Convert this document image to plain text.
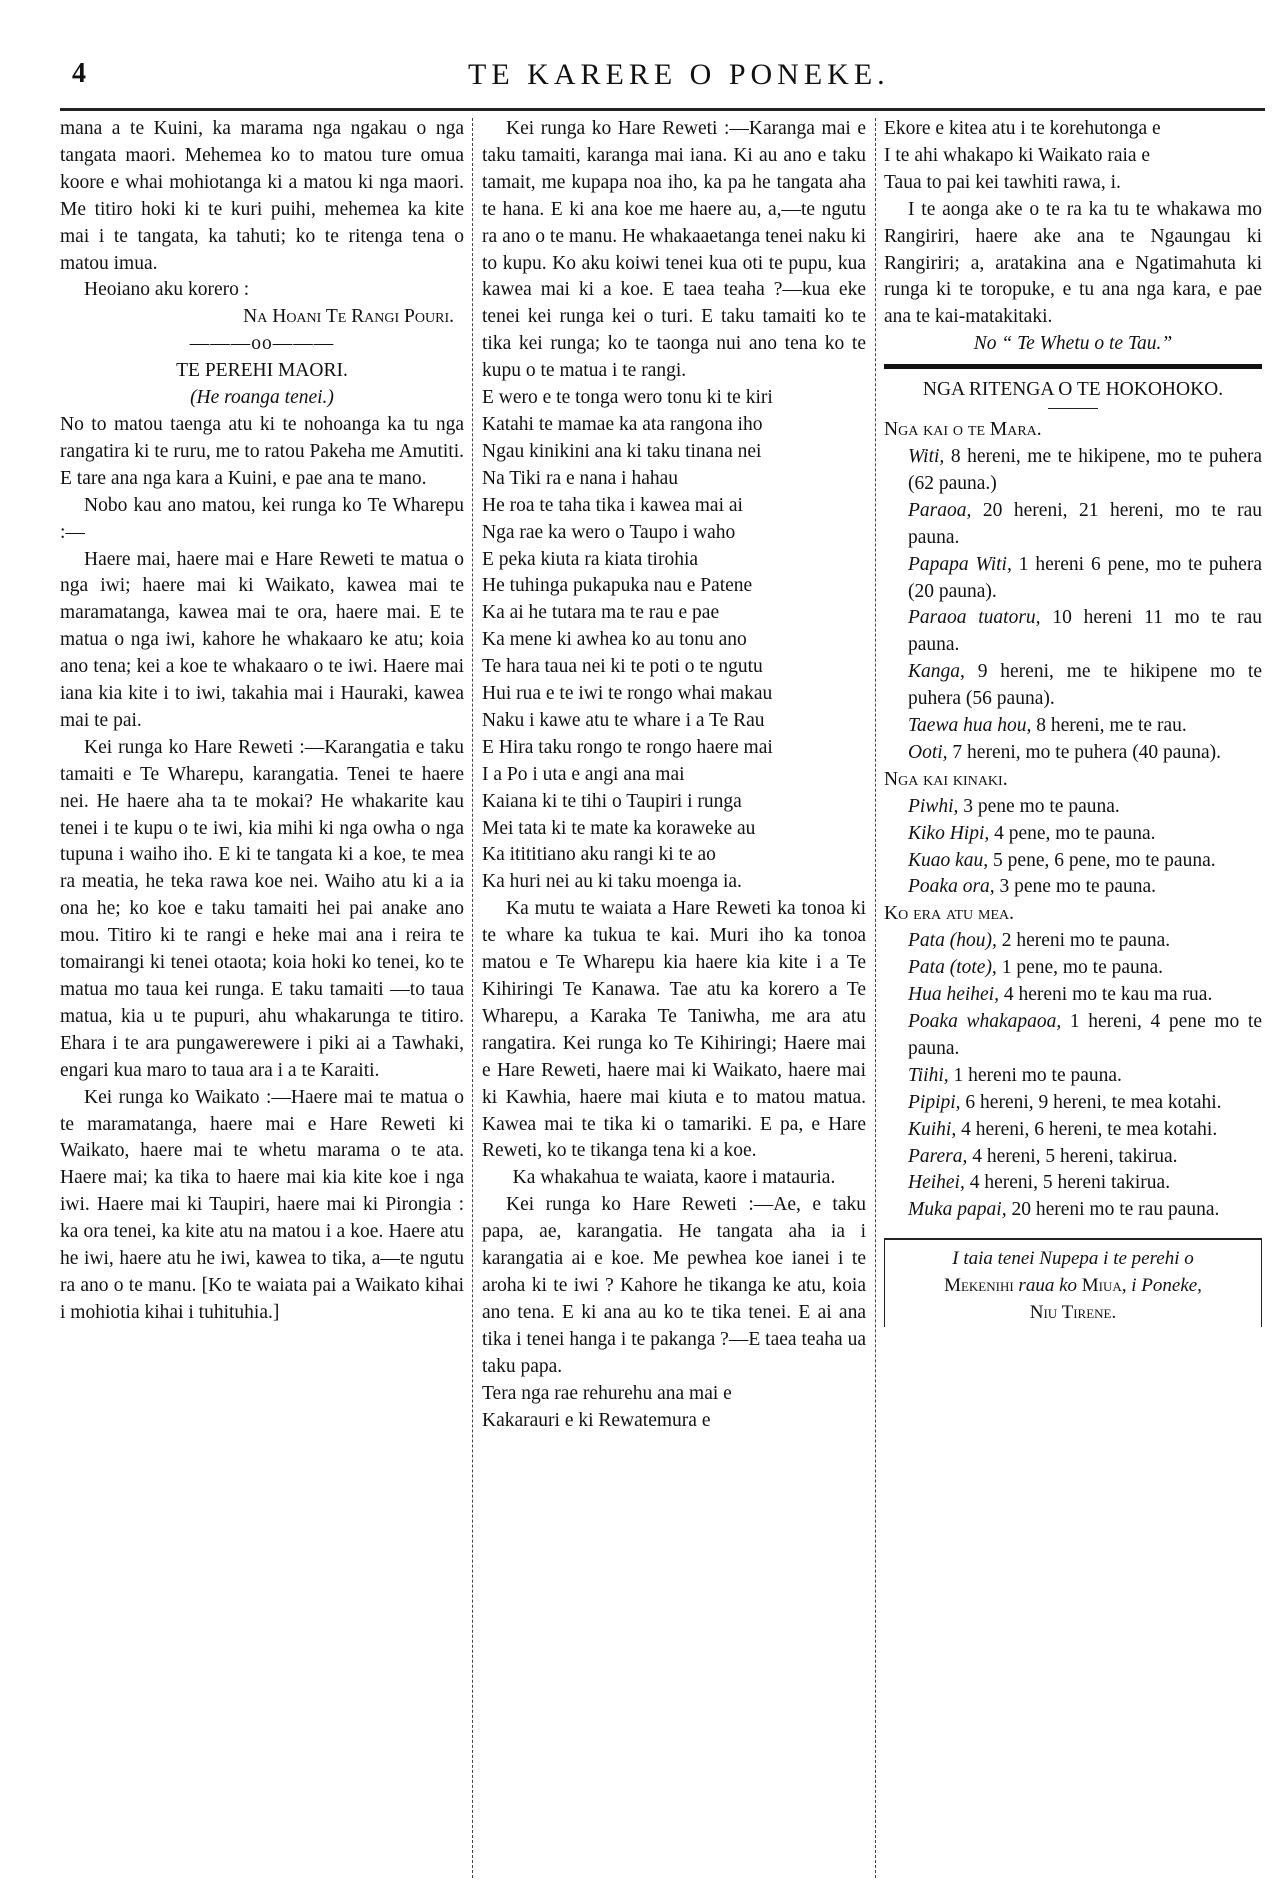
4	TE KARERE O PONEKE.

mana a te Kuini, ka marama nga ngakau o nga tangata maori. Mehemea ko to matou ture omua koore e whai mohiotanga ki a matou ki nga maori. Me titiro hoki ki te kuri puihi, mehemea ka kite mai i te tangata, ka tahuti; ko te ritenga tena o matou imua.

Heoiano aku korero :

Na Hoani Te Rangi Pouri.

———oo———

TE PEREHI MAORI.

(He roanga tenei.)

No to matou taenga atu ki te nohoanga ka tu nga rangatira ki te ruru, me to ratou Pakeha me Amutiti. E tare ana nga kara a Kuini, e pae ana te mano.

Nobo kau ano matou, kei runga ko Te Wharepu :—

Haere mai, haere mai e Hare Reweti te matua o nga iwi; haere mai ki Waikato, kawea mai te maramatanga, kawea mai te ora, haere mai. E te matua o nga iwi, kahore he whakaaro ke atu; koia ano tena; kei a koe te whakaaro o te iwi. Haere mai iana kia kite i to iwi, takahia mai i Hauraki, kawea mai te pai.

Kei runga ko Hare Reweti :—Karangatia e taku tamaiti e Te Wharepu, karangatia. Tenei te haere nei. He haere aha ta te mokai? He whakarite kau tenei i te kupu o te iwi, kia mihi ki nga owha o nga tupuna i waiho iho. E ki te tangata ki a koe, te mea ra meatia, he teka rawa koe nei. Waiho atu ki a ia ona he; ko koe e taku tamaiti hei pai anake ano mou. Titiro ki te rangi e heke mai ana i reira te tomairangi ki tenei otaota; koia hoki ko tenei, ko te matua mo taua kei runga. E taku tamaiti —to taua matua, kia u te pupuri, ahu whakarunga te titiro. Ehara i te ara pungawerewere i piki ai a Tawhaki, engari kua maro to taua ara i a te Karaiti.

Kei runga ko Waikato :—Haere mai te matua o te maramatanga, haere mai e Hare Reweti ki Waikato, haere mai te whetu marama o te ata. Haere mai; ka tika to haere mai kia kite koe i nga iwi. Haere mai ki Taupiri, haere mai ki Pirongia : ka ora tenei, ka kite atu na matou i a koe. Haere atu he iwi, haere atu he iwi, kawea to tika, a—te ngutu ra ano o te manu. [Ko te waiata pai a Waikato kihai i mohiotia kihai i tuhituhia.]

Kei runga ko Hare Reweti :—Karanga mai e taku tamaiti, karanga mai iana. Ki au ano e taku tamait, me kupapa noa iho, ka pa he tangata aha te hana. E ki ana koe me haere au, a,—te ngutu ra ano o te manu. He whakaaetanga tenei naku ki to kupu. Ko aku koiwi tenei kua oti te pupu, kua kawea mai ki a koe. E taea teaha ?—kua eke tenei kei runga kei o turi. E taku tamaiti ko te tika kei runga; ko te taonga nui ano tena ko te kupu o te matua i te rangi.

E wero e te tonga wero tonu ki te kiri

Katahi te mamae ka ata rangona iho

Ngau kinikini ana ki taku tinana nei

Na Tiki ra e nana i hahau

He roa te taha tika i kawea mai ai

Nga rae ka wero o Taupo i waho

E peka kiuta ra kiata tirohia

He tuhinga pukapuka nau e Patene

Ka ai he tutara ma te rau e pae

Ka mene ki awhea ko au tonu ano

Te hara taua nei ki te poti o te ngutu

Hui rua e te iwi te rongo whai makau

Naku i kawe atu te whare i a Te Rau

E Hira taku rongo te rongo haere mai

I a Po i uta e angi ana mai

Kaiana ki te tihi o Taupiri i runga

Mei tata ki te mate ka koraweke au

Ka itititiano aku rangi ki te ao

Ka huri nei au ki taku moenga ia.

Ka mutu te waiata a Hare Reweti ka tonoa ki te whare ka tukua te kai. Muri iho ka tonoa matou e Te Wharepu kia haere kia kite i a Te Kihiringi Te Kanawa. Tae atu ka korero a Te Wharepu, a Karaka Te Taniwha, me ara atu rangatira. Kei runga ko Te Kihiringi; Haere mai e Hare Reweti, haere mai ki Waikato, haere mai ki Kawhia, haere mai kiuta e to matou matua. Kawea mai te tika ki o tamariki. E pa, e Hare Reweti, ko te tikanga tena ki a koe.

Ka whakahua te waiata, kaore i matauria.

Kei runga ko Hare Reweti :—Ae, e taku papa, ae, karangatia. He tangata aha ia i karangatia ai e koe. Me pewhea koe ianei i te aroha ki te iwi ? Kahore he tikanga ke atu, koia ano tena. E ki ana au ko te tika tenei. E ai ana tika i tenei hanga i te pakanga ?—E taea teaha ua taku papa.

Tera nga rae rehurehu ana mai e

Kakarauri e ki Rewatemura e

Ekore e kitea atu i te korehutonga e

I te ahi whakapo ki Waikato raia e

Taua to pai kei tawhiti rawa, i.

I te aonga ake o te ra ka tu te whakawa mo Rangiriri, haere ake ana te Ngaungau ki Rangiriri; a, aratakina ana e Ngatimahuta ki runga ki te toropuke, e tu ana nga kara, e pae ana te kai-matakitaki.

No “ Te Whetu o te Tau.”

NGA RITENGA O TE HOKOHOKO.

Nga kai o te Mara.

Witi, 8 hereni, me te hikipene, mo te puhera (62 pauna.)

Paraoa, 20 hereni, 21 hereni, mo te rau pauna.

Papapa Witi, 1 hereni 6 pene, mo te puhera (20 pauna).

Paraoa tuatoru, 10 hereni 11 mo te rau pauna.

Kanga, 9 hereni, me te hikipene mo te puhera (56 pauna).

Taewa hua hou, 8 hereni, me te rau.

Ooti, 7 hereni, mo te puhera (40 pauna).

Nga kai kinaki.

Piwhi, 3 pene mo te pauna.

Kiko Hipi, 4 pene, mo te pauna.

Kuao kau, 5 pene, 6 pene, mo te pauna.

Poaka ora, 3 pene mo te pauna.

Ko era atu mea.

Pata (hou), 2 hereni mo te pauna.

Pata (tote), 1 pene, mo te pauna.

Hua heihei, 4 hereni mo te kau ma rua.

Poaka whakapaoa, 1 hereni, 4 pene mo te pauna.

Tiihi, 1 hereni mo te pauna.

Pipipi, 6 hereni, 9 hereni, te mea kotahi.

Kuihi, 4 hereni, 6 hereni, te mea kotahi.

Parera, 4 hereni, 5 hereni, takirua.

Heihei, 4 hereni, 5 hereni takirua.

Muka papai, 20 hereni mo te rau pauna.

I taia tenei Nupepa i te perehi o

Mekenihi raua ko Miua, i Poneke,

Niu Tirene.
